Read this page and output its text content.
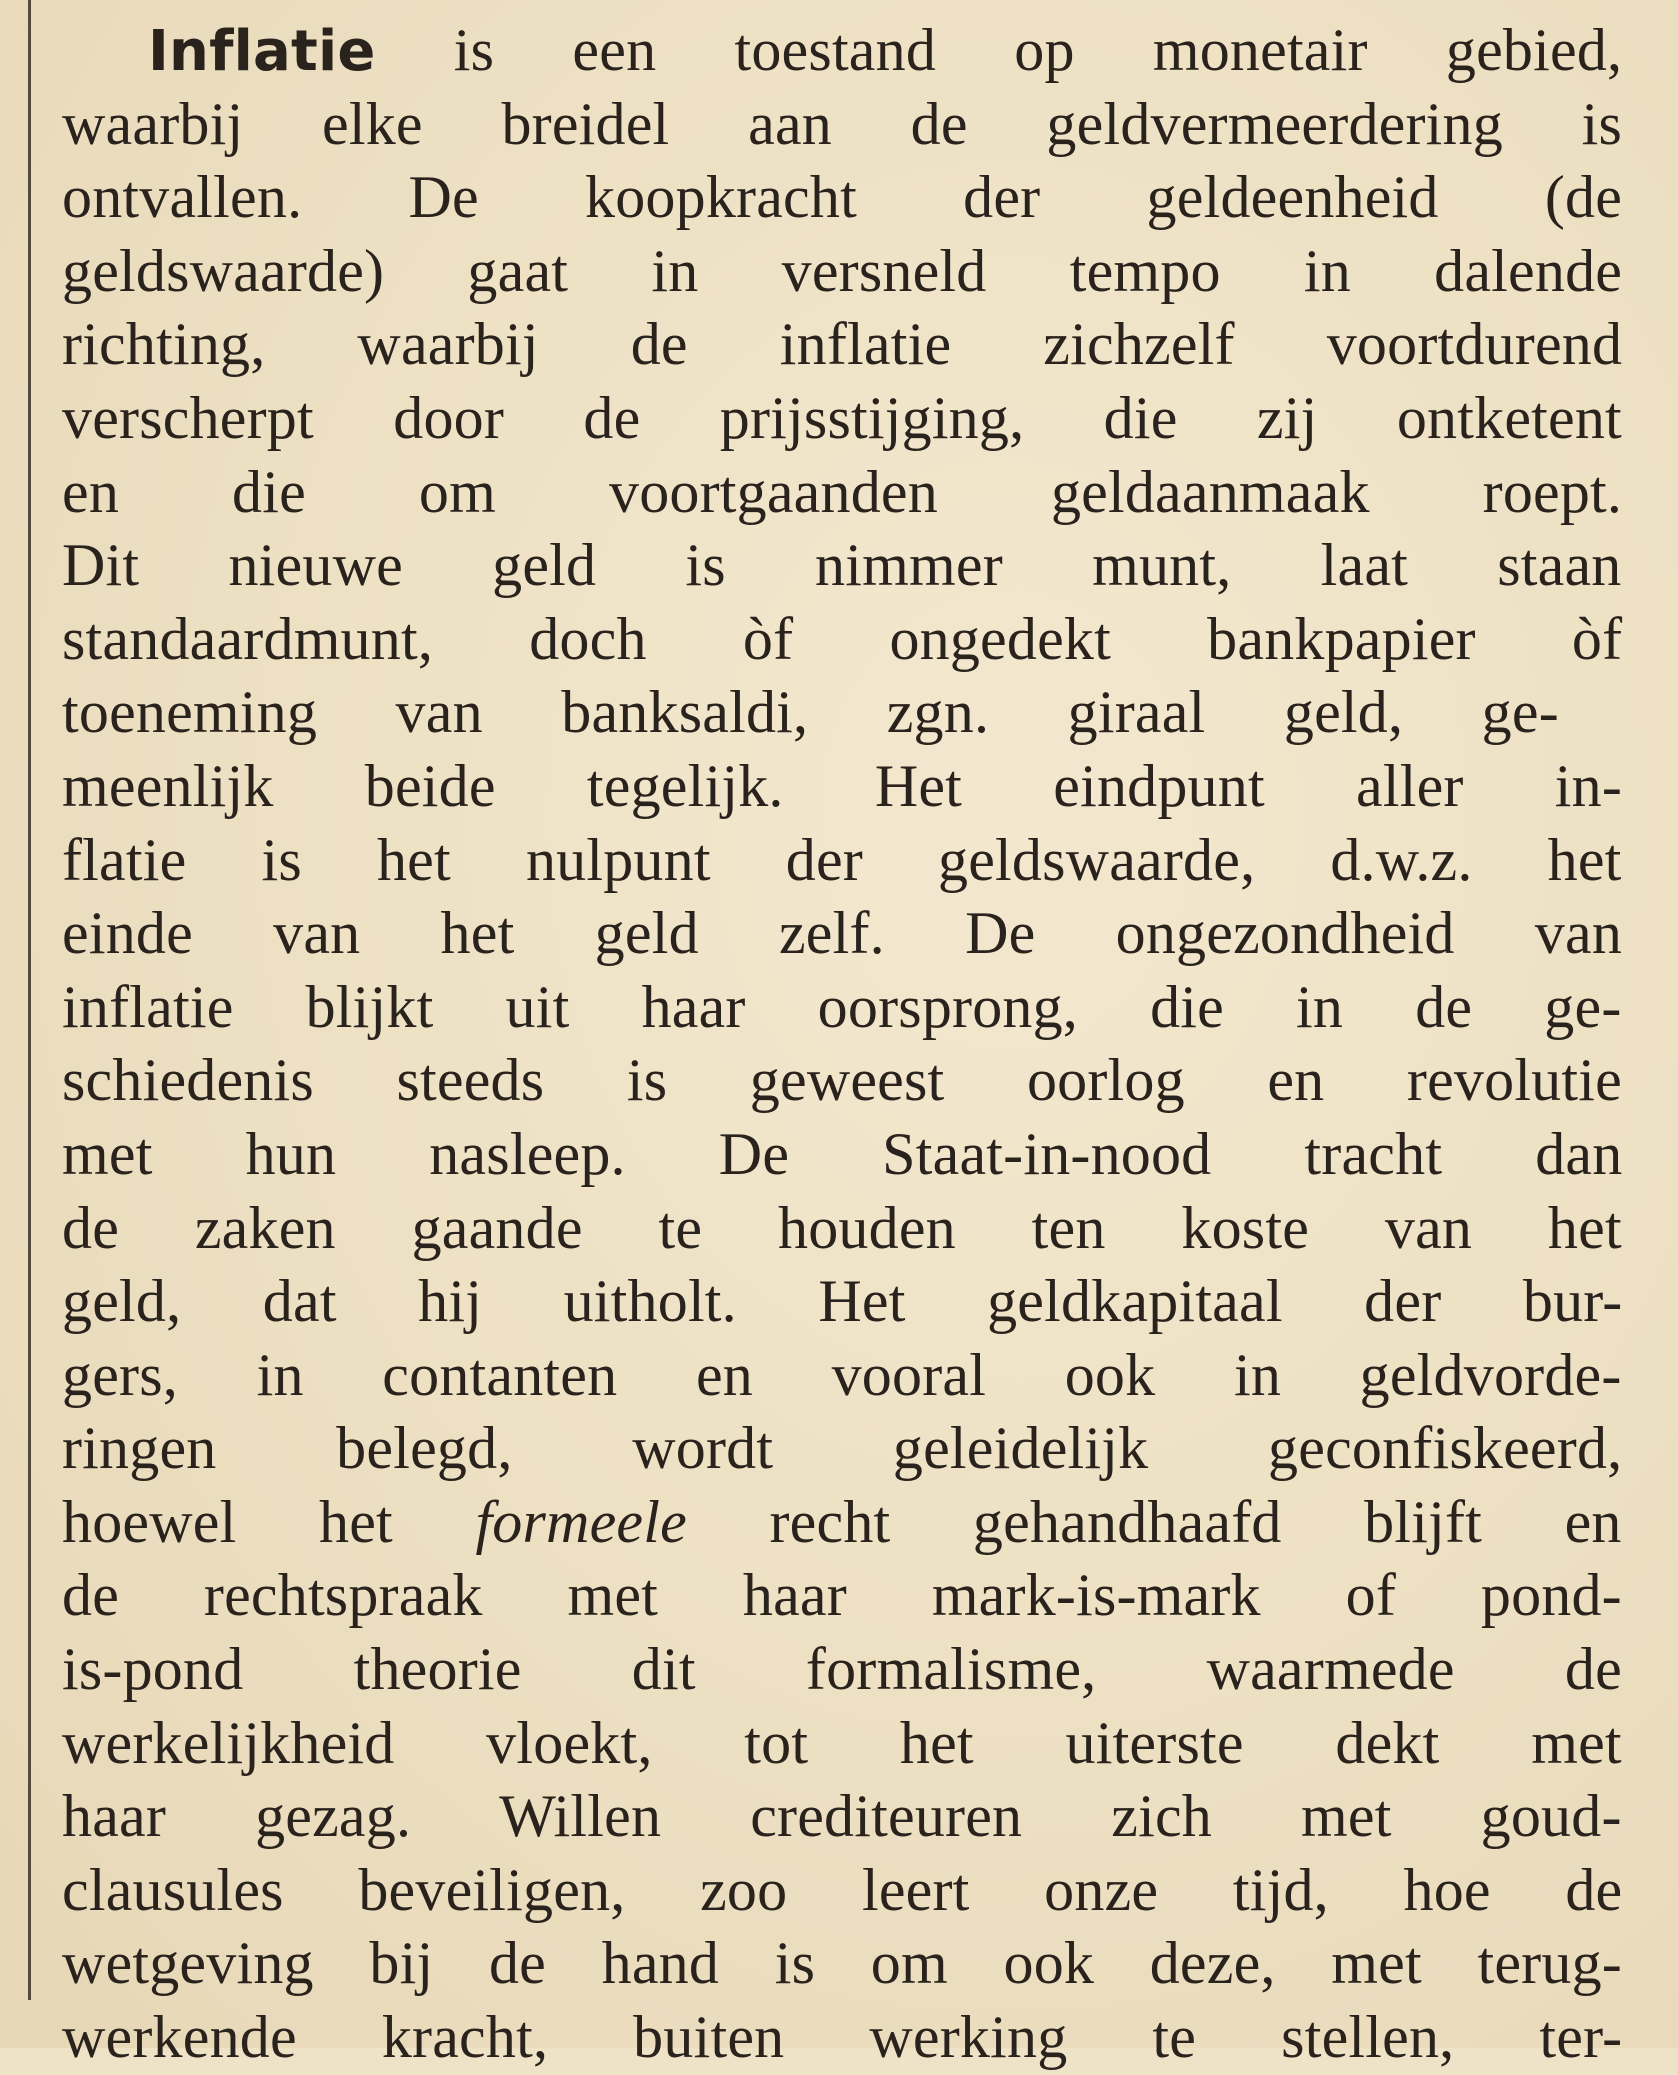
Inflatie is een toestand op monetair gebied,
waarbij elke breidel aan de geldvermeerdering is
ontvallen. De koopkracht der geldeenheid (de
geldswaarde) gaat in versneld tempo in dalende
richting, waarbij de inflatie zichzelf voortdurend
verscherpt door de prijsstijging, die zij ontketent
en die om voortgaanden geldaanmaak roept.
Dit nieuwe geld is nimmer munt, laat staan
standaardmunt, doch òf ongedekt bankpapier òf
toeneming van banksaldi, zgn. giraal geld, ge-
meenlijk beide tegelijk. Het eindpunt aller in-
flatie is het nulpunt der geldswaarde, d.w.z. het
einde van het geld zelf. De ongezondheid van
inflatie blijkt uit haar oorsprong, die in de ge-
schiedenis steeds is geweest oorlog en revolutie
met hun nasleep. De Staat-in-nood tracht dan
de zaken gaande te houden ten koste van het
geld, dat hij uitholt. Het geldkapitaal der bur-
gers, in contanten en vooral ook in geldvorde-
ringen belegd, wordt geleidelijk geconfiskeerd,
hoewel het formeele recht gehandhaafd blijft en
de rechtspraak met haar mark-is-mark of pond-
is-pond theorie dit formalisme, waarmede de
werkelijkheid vloekt, tot het uiterste dekt met
haar gezag. Willen crediteuren zich met goud-
clausules beveiligen, zoo leert onze tijd, hoe de
wetgeving bij de hand is om ook deze, met terug-
werkende kracht, buiten werking te stellen, ter-
